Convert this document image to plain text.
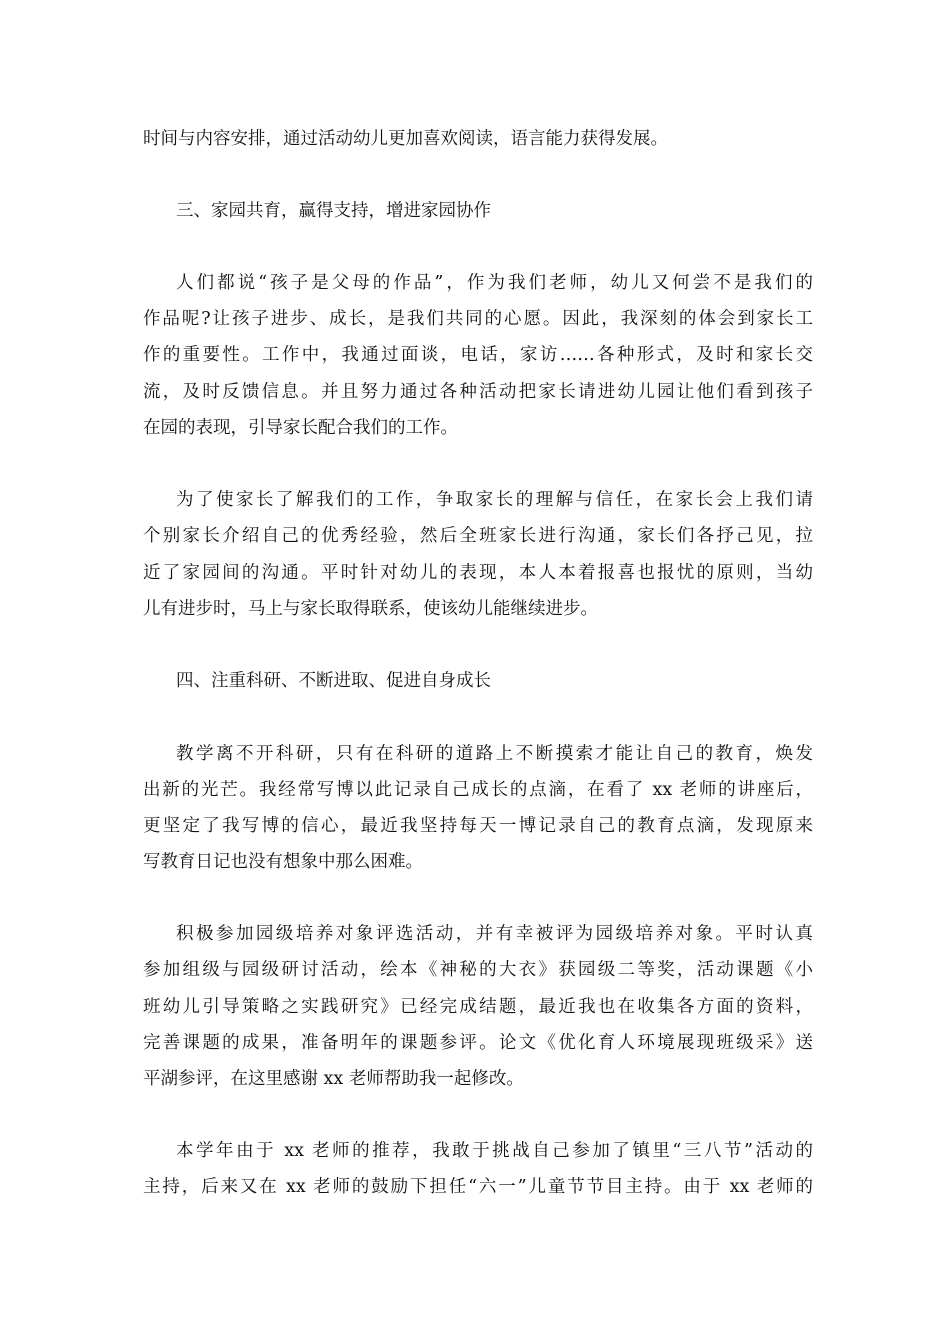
时间与内容安排，通过活动幼儿更加喜欢阅读，语言能力获得发展。
三、家园共育，赢得支持，增进家园协作
人们都说“孩子是父母的作品”，作为我们老师，幼儿又何尝不是我们的
作品呢?让孩子进步、成长，是我们共同的心愿。因此，我深刻的体会到家长工
作的重要性。工作中，我通过面谈，电话，家访……各种形式，及时和家长交
流，及时反馈信息。并且努力通过各种活动把家长请进幼儿园让他们看到孩子
在园的表现，引导家长配合我们的工作。
为了使家长了解我们的工作，争取家长的理解与信任，在家长会上我们请
个别家长介绍自己的优秀经验，然后全班家长进行沟通，家长们各抒己见，拉
近了家园间的沟通。平时针对幼儿的表现，本人本着报喜也报忧的原则，当幼
儿有进步时，马上与家长取得联系，使该幼儿能继续进步。
四、注重科研、不断进取、促进自身成长
教学离不开科研，只有在科研的道路上不断摸索才能让自己的教育，焕发
出新的光芒。我经常写博以此记录自己成长的点滴，在看了 xx 老师的讲座后，
更坚定了我写博的信心，最近我坚持每天一博记录自己的教育点滴，发现原来
写教育日记也没有想象中那么困难。
积极参加园级培养对象评选活动，并有幸被评为园级培养对象。平时认真
参加组级与园级研讨活动，绘本《神秘的大衣》获园级二等奖，活动课题《小
班幼儿引导策略之实践研究》已经完成结题，最近我也在收集各方面的资料，
完善课题的成果，准备明年的课题参评。论文《优化育人环境展现班级采》送
平湖参评，在这里感谢 xx 老师帮助我一起修改。
本学年由于 xx 老师的推荐，我敢于挑战自己参加了镇里“三八节”活动的
主持，后来又在 xx 老师的鼓励下担任“六一”儿童节节目主持。由于 xx 老师的
